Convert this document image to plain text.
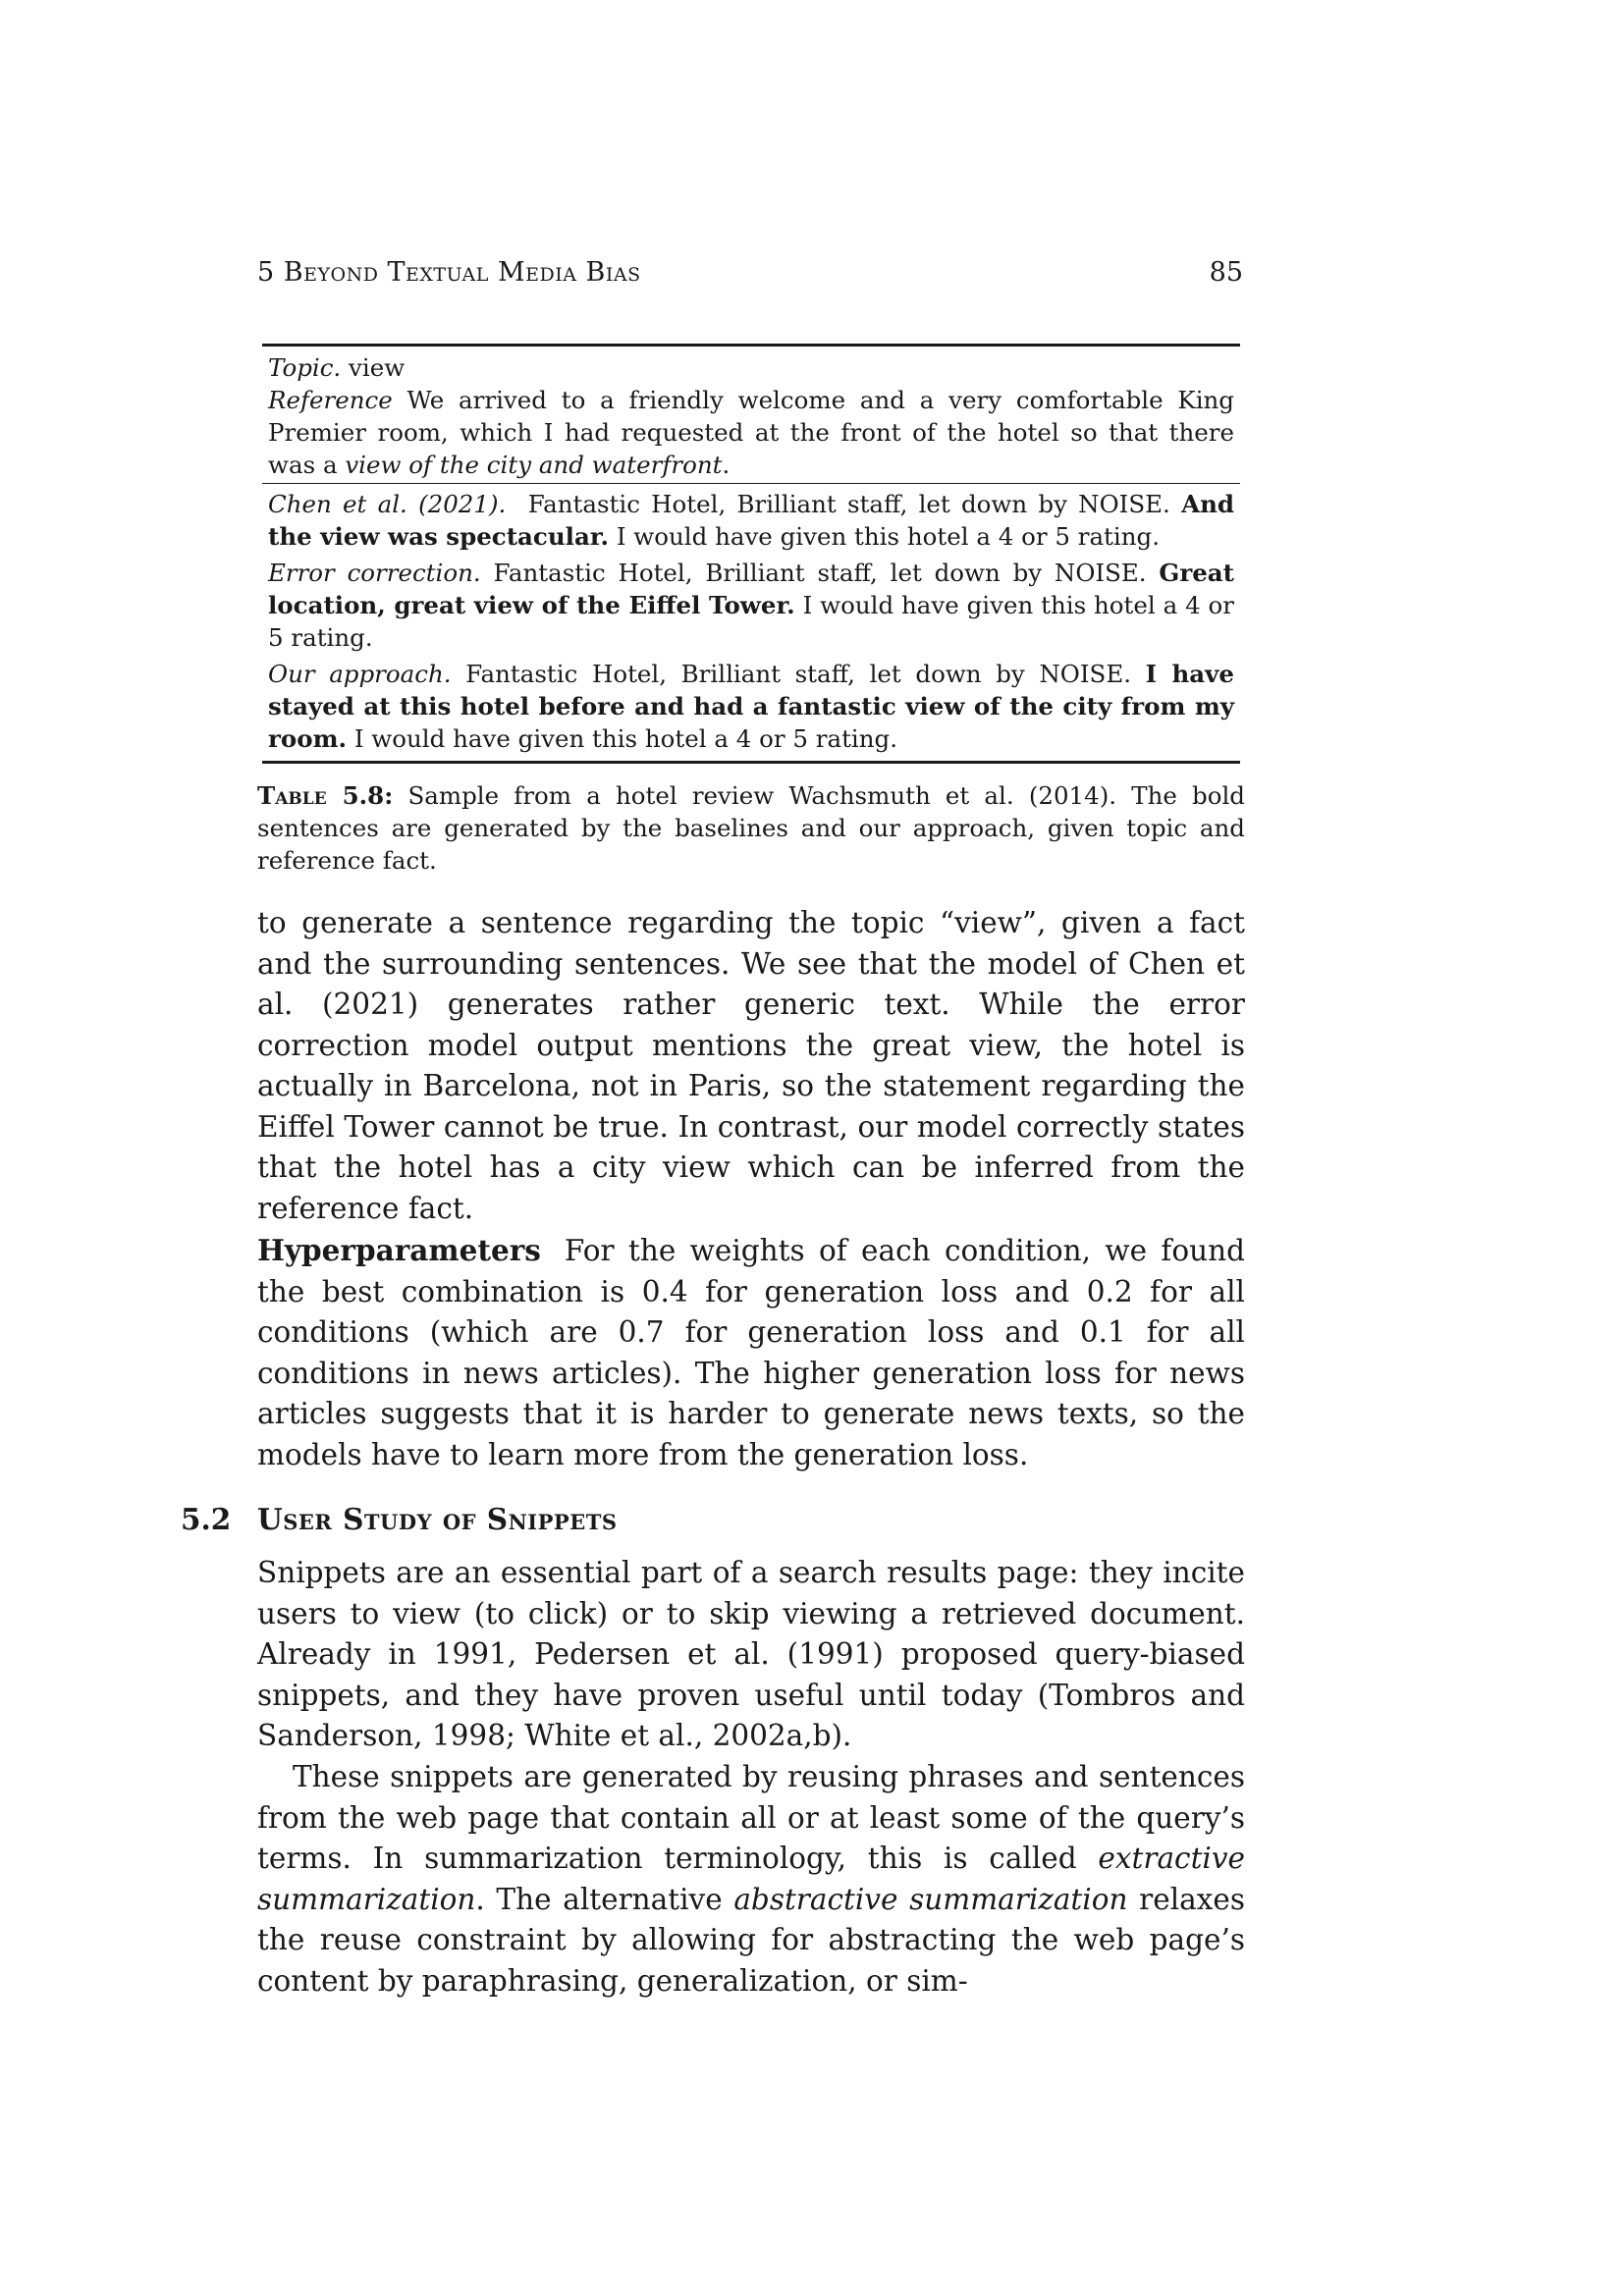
5 Beyond Textual Media Bias	85
Topic. view
Reference We arrived to a friendly welcome and a very comfortable King Premier room, which I had requested at the front of the hotel so that there was a view of the city and waterfront.
Chen et al. (2021). Fantastic Hotel, Brilliant staff, let down by NOISE. And the view was spectacular. I would have given this hotel a 4 or 5 rating.
Error correction. Fantastic Hotel, Brilliant staff, let down by NOISE. Great location, great view of the Eiffel Tower. I would have given this hotel a 4 or 5 rating.
Our approach. Fantastic Hotel, Brilliant staff, let down by NOISE. I have stayed at this hotel before and had a fantastic view of the city from my room. I would have given this hotel a 4 or 5 rating.
Table 5.8: Sample from a hotel review Wachsmuth et al. (2014). The bold sentences are generated by the baselines and our approach, given topic and reference fact.
to generate a sentence regarding the topic “view”, given a fact and the surrounding sentences. We see that the model of Chen et al. (2021) generates rather generic text. While the error correction model output mentions the great view, the hotel is actually in Barcelona, not in Paris, so the statement regarding the Eiffel Tower cannot be true. In contrast, our model correctly states that the hotel has a city view which can be inferred from the reference fact.
Hyperparameters For the weights of each condition, we found the best combination is 0.4 for generation loss and 0.2 for all conditions (which are 0.7 for generation loss and 0.1 for all conditions in news articles). The higher generation loss for news articles suggests that it is harder to generate news texts, so the models have to learn more from the generation loss.
5.2 User Study of Snippets
Snippets are an essential part of a search results page: they incite users to view (to click) or to skip viewing a retrieved document. Already in 1991, Pedersen et al. (1991) proposed query-biased snippets, and they have proven useful until today (Tombros and Sanderson, 1998; White et al., 2002a,b).
These snippets are generated by reusing phrases and sentences from the web page that contain all or at least some of the query’s terms. In summarization terminology, this is called extractive summarization. The alternative abstractive summarization relaxes the reuse constraint by allowing for abstracting the web page’s content by paraphrasing, generalization, or sim-
